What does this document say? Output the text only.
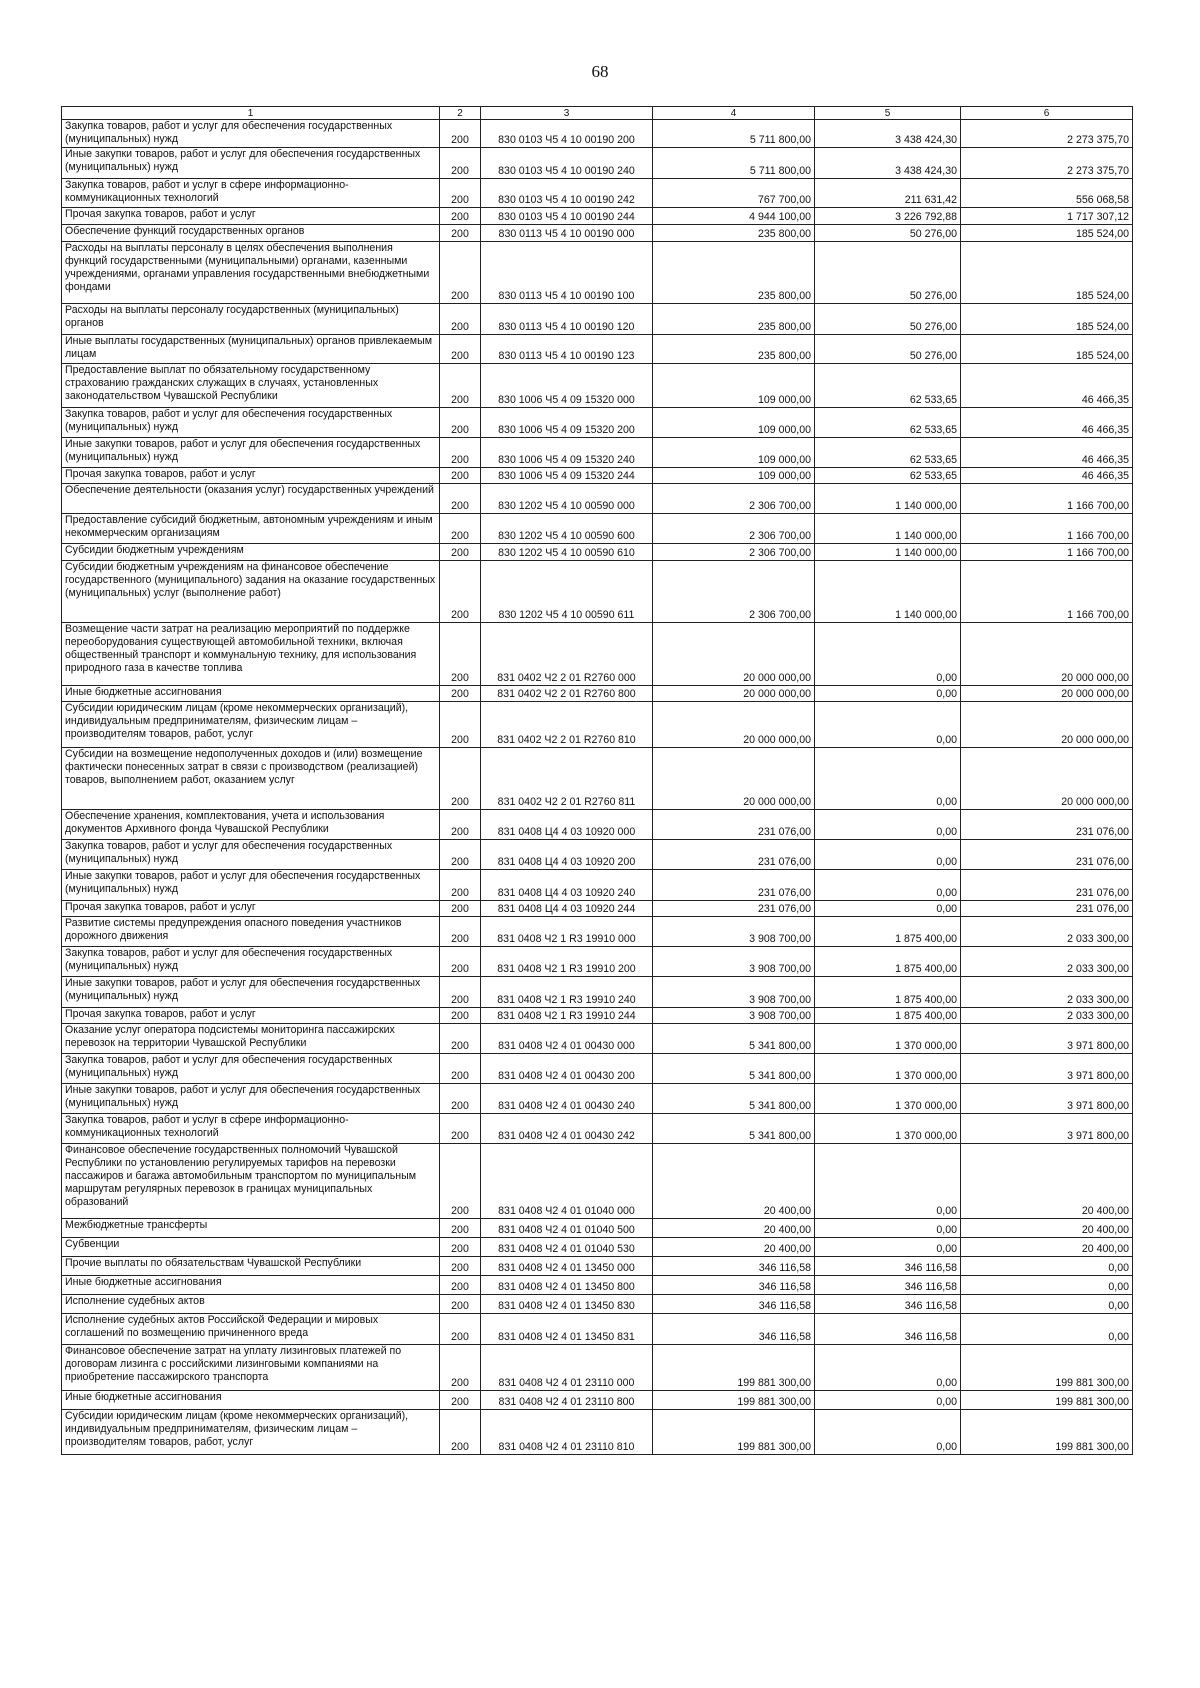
68
1	2	3	4	5	6
Закупка товаров, работ и услуг для обеспечения государственных (муниципальных) нужд	200	830 0103 Ч5 4 10 00190 200	5 711 800,00	3 438 424,30	2 273 375,70
Иные закупки товаров, работ и услуг для обеспечения государственных (муниципальных) нужд	200	830 0103 Ч5 4 10 00190 240	5 711 800,00	3 438 424,30	2 273 375,70
Закупка товаров, работ и услуг в сфере информационно-коммуникационных технологий	200	830 0103 Ч5 4 10 00190 242	767 700,00	211 631,42	556 068,58
Прочая закупка товаров, работ и услуг	200	830 0103 Ч5 4 10 00190 244	4 944 100,00	3 226 792,88	1 717 307,12
Обеспечение функций государственных органов	200	830 0113 Ч5 4 10 00190 000	235 800,00	50 276,00	185 524,00
Расходы на выплаты персоналу в целях обеспечения выполнения функций государственными (муниципальными) органами, казенными учреждениями, органами управления государственными внебюджетными фондами	200	830 0113 Ч5 4 10 00190 100	235 800,00	50 276,00	185 524,00
Расходы на выплаты персоналу государственных (муниципальных) органов	200	830 0113 Ч5 4 10 00190 120	235 800,00	50 276,00	185 524,00
Иные выплаты государственных (муниципальных) органов привлекаемым лицам	200	830 0113 Ч5 4 10 00190 123	235 800,00	50 276,00	185 524,00
Предоставление выплат по обязательному государственному страхованию гражданских служащих в случаях, установленных законодательством Чувашской Республики	200	830 1006 Ч5 4 09 15320 000	109 000,00	62 533,65	46 466,35
Закупка товаров, работ и услуг для обеспечения государственных (муниципальных) нужд	200	830 1006 Ч5 4 09 15320 200	109 000,00	62 533,65	46 466,35
Иные закупки товаров, работ и услуг для обеспечения государственных (муниципальных) нужд	200	830 1006 Ч5 4 09 15320 240	109 000,00	62 533,65	46 466,35
Прочая закупка товаров, работ и услуг	200	830 1006 Ч5 4 09 15320 244	109 000,00	62 533,65	46 466,35
Обеспечение деятельности (оказания услуг) государственных учреждений	200	830 1202 Ч5 4 10 00590 000	2 306 700,00	1 140 000,00	1 166 700,00
Предоставление субсидий бюджетным, автономным учреждениям и иным некоммерческим организациям	200	830 1202 Ч5 4 10 00590 600	2 306 700,00	1 140 000,00	1 166 700,00
Субсидии бюджетным учреждениям	200	830 1202 Ч5 4 10 00590 610	2 306 700,00	1 140 000,00	1 166 700,00
Субсидии бюджетным учреждениям на финансовое обеспечение государственного (муниципального) задания на оказание государственных (муниципальных) услуг (выполнение работ)	200	830 1202 Ч5 4 10 00590 611	2 306 700,00	1 140 000,00	1 166 700,00
Возмещение части затрат на реализацию мероприятий по поддержке переоборудования существующей автомобильной техники, включая общественный транспорт и коммунальную технику, для использования природного газа в качестве топлива	200	831 0402 Ч2 2 01 R2760 000	20 000 000,00	0,00	20 000 000,00
Иные бюджетные ассигнования	200	831 0402 Ч2 2 01 R2760 800	20 000 000,00	0,00	20 000 000,00
Субсидии юридическим лицам (кроме некоммерческих организаций), индивидуальным предпринимателям, физическим лицам – производителям товаров, работ, услуг	200	831 0402 Ч2 2 01 R2760 810	20 000 000,00	0,00	20 000 000,00
Субсидии на возмещение недополученных доходов и (или) возмещение фактически понесенных затрат в связи с производством (реализацией) товаров, выполнением работ, оказанием услуг	200	831 0402 Ч2 2 01 R2760 811	20 000 000,00	0,00	20 000 000,00
Обеспечение хранения, комплектования, учета и использования документов Архивного фонда Чувашской Республики	200	831 0408 Ц4 4 03 10920 000	231 076,00	0,00	231 076,00
Закупка товаров, работ и услуг для обеспечения государственных (муниципальных) нужд	200	831 0408 Ц4 4 03 10920 200	231 076,00	0,00	231 076,00
Иные закупки товаров, работ и услуг для обеспечения государственных (муниципальных) нужд	200	831 0408 Ц4 4 03 10920 240	231 076,00	0,00	231 076,00
Прочая закупка товаров, работ и услуг	200	831 0408 Ц4 4 03 10920 244	231 076,00	0,00	231 076,00
Развитие системы предупреждения опасного поведения участников дорожного движения	200	831 0408 Ч2 1 R3 19910 000	3 908 700,00	1 875 400,00	2 033 300,00
Закупка товаров, работ и услуг для обеспечения государственных (муниципальных) нужд	200	831 0408 Ч2 1 R3 19910 200	3 908 700,00	1 875 400,00	2 033 300,00
Иные закупки товаров, работ и услуг для обеспечения государственных (муниципальных) нужд	200	831 0408 Ч2 1 R3 19910 240	3 908 700,00	1 875 400,00	2 033 300,00
Прочая закупка товаров, работ и услуг	200	831 0408 Ч2 1 R3 19910 244	3 908 700,00	1 875 400,00	2 033 300,00
Оказание услуг оператора подсистемы мониторинга пассажирских перевозок на территории Чувашской Республики	200	831 0408 Ч2 4 01 00430 000	5 341 800,00	1 370 000,00	3 971 800,00
Закупка товаров, работ и услуг для обеспечения государственных (муниципальных) нужд	200	831 0408 Ч2 4 01 00430 200	5 341 800,00	1 370 000,00	3 971 800,00
Иные закупки товаров, работ и услуг для обеспечения государственных (муниципальных) нужд	200	831 0408 Ч2 4 01 00430 240	5 341 800,00	1 370 000,00	3 971 800,00
Закупка товаров, работ и услуг в сфере информационно-коммуникационных технологий	200	831 0408 Ч2 4 01 00430 242	5 341 800,00	1 370 000,00	3 971 800,00
Финансовое обеспечение государственных полномочий Чувашской Республики по установлению регулируемых тарифов на перевозки пассажиров и багажа автомобильным транспортом по муниципальным маршрутам регулярных перевозок в границах муниципальных образований	200	831 0408 Ч2 4 01 01040 000	20 400,00	0,00	20 400,00
Межбюджетные трансферты	200	831 0408 Ч2 4 01 01040 500	20 400,00	0,00	20 400,00
Субвенции	200	831 0408 Ч2 4 01 01040 530	20 400,00	0,00	20 400,00
Прочие выплаты по обязательствам Чувашской Республики	200	831 0408 Ч2 4 01 13450 000	346 116,58	346 116,58	0,00
Иные бюджетные ассигнования	200	831 0408 Ч2 4 01 13450 800	346 116,58	346 116,58	0,00
Исполнение судебных актов	200	831 0408 Ч2 4 01 13450 830	346 116,58	346 116,58	0,00
Исполнение судебных актов Российской Федерации и мировых соглашений по возмещению причиненного вреда	200	831 0408 Ч2 4 01 13450 831	346 116,58	346 116,58	0,00
Финансовое обеспечение затрат на уплату лизинговых платежей по договорам лизинга с российскими лизинговыми компаниями на приобретение пассажирского транспорта	200	831 0408 Ч2 4 01 23110 000	199 881 300,00	0,00	199 881 300,00
Иные бюджетные ассигнования	200	831 0408 Ч2 4 01 23110 800	199 881 300,00	0,00	199 881 300,00
Субсидии юридическим лицам (кроме некоммерческих организаций), индивидуальным предпринимателям, физическим лицам – производителям товаров, работ, услуг	200	831 0408 Ч2 4 01 23110 810	199 881 300,00	0,00	199 881 300,00
